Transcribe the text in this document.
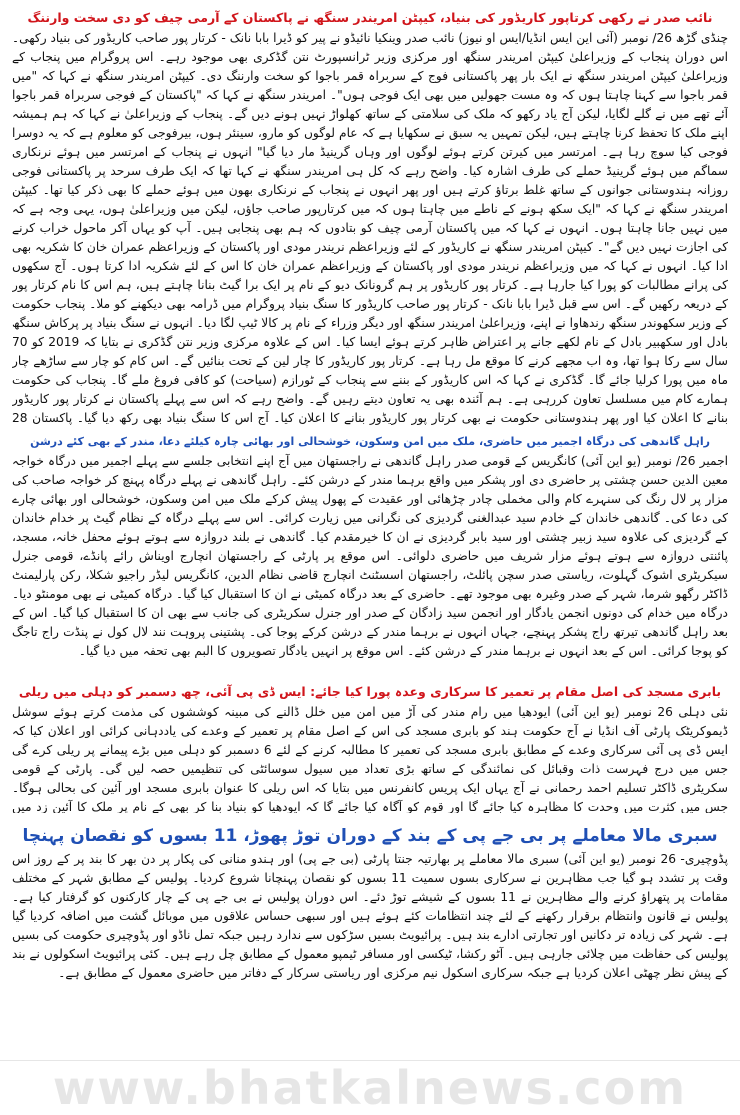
نائب صدر نے رکھی کرتاپور کاریڈور کی بنیاد، کیپٹن امریندر سنگھ نے پاکستان کے آرمی چیف کو دی سخت وارننگ

چنڈی گڑھ 26/ نومبر (آئی این ایس انڈیا/ایس او نیوز) نائب صدر وینکیا نائیڈو نے پیر کو ڈیرا بابا نانک - کرتار پور صاحب کاریڈور کی بنیاد رکھی۔ اس دوران پنجاب کے وزیراعلیٰ کیپٹن امریندر سنگھ اور مرکزی وزیر ٹرانسپورٹ نتن گڈکری بھی موجود رہے۔ اس پروگرام میں پنجاب کے وزیراعلیٰ کیپٹن امریندر سنگھ نے ایک بار پھر پاکستانی فوج کے سربراہ قمر باجوا کو سخت وارننگ دی۔ کیپٹن امریندر سنگھ نے کہا کہ "میں قمر باجوا سے کہنا چاہتا ہوں کہ وہ مست جھولیں میں بھی ایک فوجی ہوں"۔ امریندر سنگھ نے کہا کہ "پاکستان کے فوجی سربراہ قمر باجوا آئے تھے میں نے گلے لگایا، لیکن آج یاد رکھو کہ ملک کی سلامتی کے ساتھ کھلواڑ نہیں ہونے دیں گے۔ پنجاب کے وزیراعلیٰ نے کہا کہ ہم ہمیشہ اپنے ملک کا تحفظ کرنا چاہتے ہیں، لیکن تمہیں یہ سبق نے سکھایا ہے کہ عام لوگوں کو مارو، سینئر ہوں، بیرفوجی کو معلوم ہے کہ یہ دوسرا فوجی کیا سوچ رہا ہے۔ امرتسر میں کیرتن کرتے ہوئے لوگوں اور وہاں گرینیڈ مار دیا گیا" انہوں نے پنجاب کے امرتسر میں ہوئے نرنکاری سماگم میں ہوئے گرینیڈ حملے کی طرف اشارہ کیا۔ واضح رہے کہ کل ہی امریندر سنگھ نے کہا تھا کہ ایک طرف سرحد پر پاکستانی فوجی روزانہ ہندوستانی جوانوں کے ساتھ غلط برتاؤ کرتے ہیں اور پھر انہوں نے پنجاب کے نرنکاری بھون میں ہوئے حملے کا بھی ذکر کیا تھا۔ کیپٹن امریندر سنگھ نے کہا کہ "ایک سکھ ہونے کے ناطے میں چاہتا ہوں کہ میں کرتارپور صاحب جاؤں، لیکن میں وزیراعلیٰ ہوں، یہی وجہ ہے کہ میں نہیں جانا چاہتا ہوں۔ انہوں نے کہا کہ میں پاکستان آرمی چیف کو بتادوں کہ ہم بھی پنجابی ہیں۔ آپ کو یہاں آکر ماحول خراب کرنے کی اجازت نہیں دیں گے"۔ کیپٹن امریندر سنگھ نے کاریڈور کے لئے وزیراعظم نریندر مودی اور پاکستان کے وزیراعظم عمران خان کا شکریہ بھی ادا کیا۔ انہوں نے کہا کہ میں وزیراعظم نریندر مودی اور پاکستان کے وزیراعظم عمران خان کا اس کے لئے شکریہ ادا کرتا ہوں۔ آج سکھوں کی پرانے مطالبات کو پورا کیا جارہا ہے۔ کرتار پور کاریڈور پر ہم گرونانک دیو کے نام پر ایک برا گیٹ بنانا چاہتے ہیں، ہم اس کا نام کرتار پور کے دریعہ رکھیں گے۔ اس سے قبل ڈیرا بابا نانک - کرتار پور صاحب کاریڈور کا سنگ بنیاد پروگرام میں ڈرامہ بھی دیکھنے کو ملا۔ پنجاب حکومت کے وزیر سکھوندر سنگھ رندھاوا نے اپنے، وزیراعلیٰ امریندر سنگھ اور دیگر وزراء کے نام پر کالا ٹیپ لگا دیا۔ انہوں نے سنگ بنیاد پر پرکاش سنگھ بادل اور سکھبیر بادل کے نام لکھے جانے پر اعتراض ظاہر کرتے ہوئے ایسا کیا۔ اس کے علاوہ مرکزی وزیر نتن گڈکری نے بتایا کہ 2019 کو 70 سال سے رکا ہوا تھا، وہ اب مجھے کرنے کا موقع مل رہا ہے۔ کرتار پور کاریڈور کا چار لین کے تحت بنائیں گے۔ اس کام کو چار سے ساڑھے چار ماہ میں پورا کرلیا جائے گا۔ گڈکری نے کہا کہ اس کاریڈور کے بننے سے پنجاب کے ٹورازم (سیاحت) کو کافی فروغ ملے گا۔ پنجاب کی حکومت ہمارے کام میں مسلسل تعاون کررہی ہے۔ ہم آئندہ بھی یہ تعاون دیتے رہیں گے۔ واضح رہے کہ اس سے پہلے پاکستان نے کرتار پور کاریڈور بنانے کا اعلان کیا اور پھر ہندوستانی حکومت نے بھی کرتار پور کاریڈور بنانے کا اعلان کیا۔ آج اس کا سنگ بنیاد بھی رکھ دیا گیا۔ پاکستان 28

راہل گاندھی کی درگاہ اجمیر میں حاضری، ملک میں امن وسکون، خوشحالی اور بھائی چارہ کیلئے دعا، مندر کے بھی کئے درشن

اجمیر 26/ نومبر (یو این آئی) کانگریس کے قومی صدر راہل گاندھی نے راجستھان میں آج اپنے انتخابی جلسے سے پہلے اجمیر میں درگاہ خواجہ معین الدین حسن چشتی پر حاضری دی اور پشکر میں واقع برہما مندر کے درشن کئے۔ راہل گاندھی نے پہلے درگاہ پہنچ کر خواجہ صاحب کی مزار پر لال رنگ کی سنہرے کام والی مخملی چادر چڑھائی اور عقیدت کے پھول پیش کرکے ملک میں امن وسکون، خوشحالی اور بھائی چارے کی دعا کی۔ گاندھی خاندان کے خادم سید عبدالغنی گردیزی کی نگرانی میں زیارت کرائی۔ اس سے پہلے درگاہ کے نظام گیٹ پر خدام خاندان کے گردیزی کی علاوہ سید زبیر چشتی اور سید بابر گردیزی نے ان کا خیرمقدم کیا۔ گاندھی نے بلند دروازہ سے ہوتے ہوئے محفل خانہ، مسجد، پائنتی دروازہ سے ہوتے ہوئے مزار شریف میں حاضری دلوائی۔ اس موقع پر پارٹی کے راجستھان انچارج اویناش رائے پانڈے، قومی جنرل سیکریٹری اشوک گہلوت، ریاستی صدر سچن پائلٹ، راجستھان اسسٹنٹ انچارج قاضی نظام الدین، کانگریس لیڈر راجیو شکلا، رکن پارلیمنٹ ڈاکٹر رگھو شرما، شہر کے صدر وغیرہ بھی موجود تھے۔ حاضری کے بعد درگاہ کمیٹی نے ان کا استقبال کیا گیا۔ درگاہ کمیٹی نے بھی مومنٹو دیا۔ درگاہ میں خدام کی دونوں انجمن یادگار اور انجمن سید زادگان کے صدر اور جنرل سکریٹری کی جانب سے بھی ان کا استقبال کیا گیا۔ اس کے بعد راہل گاندھی تیرتھ راج پشکر پہنچے، جہاں انہوں نے برہما مندر کے درشن کرکے پوجا کی۔ پشتینی پروہت نند لال کول نے پنڈت راج تاجگ کو پوجا کرائی۔ اس کے بعد انہوں نے برہما مندر کے درشن کئے۔ اس موقع پر انہیں یادگار تصویروں کا البم بھی تحفہ میں دیا گیا۔

بابری مسجد کی اصل مقام پر تعمیر کا سرکاری وعدہ پورا کیا جائے: ایس ڈی پی آئی، چھ دسمبر کو دہلی میں ریلی

نئی دہلی 26 نومبر (یو این آئی) ایودھیا میں رام مندر کی آڑ میں امن میں خلل ڈالنے کی مبینہ کوششوں کی مذمت کرتے ہوئے سوشل ڈیموکریٹک پارٹی آف انڈیا نے آج حکومت ہند کو بابری مسجد کی اس کے اصل مقام پر تعمیر کے وعدے کی یاددہانی کرائی اور اعلان کیا کہ ایس ڈی پی آئی سرکاری وعدے کے مطابق بابری مسجد کی تعمیر کا مطالبہ کرنے کے لئے 6 دسمبر کو دہلی میں بڑے پیمانے پر ریلی کرے گی جس میں درج فہرست ذات وقبائل کی نمائندگی کے ساتھ بڑی تعداد میں سیول سوسائٹی کی تنظیمیں حصہ لیں گی۔ پارٹی کے قومی سکریٹری ڈاکٹر تسلیم احمد رحمانی نے آج یہاں ایک پریس کانفرنس میں بتایا کہ اس ریلی کا عنوان بابری مسجد اور آئین کی بحالی ہوگا۔ جس میں کثرت میں وحدت کا مظاہرہ کیا جائے گا اور قوم کو آگاہ کیا جائے گا کہ ایودھیا کو بنیاد بنا کر بھی کے نام پر ملک کا آئین زد میں

سبری مالا معاملے پر بی جے پی کے بند کے دوران توڑ پھوڑ، 11 بسوں کو نقصان پہنچا

پڈوچیری- 26 نومبر (یو این آئی) سبری مالا معاملے پر بھارتیہ جنتا پارٹی (بی جے پی) اور ہندو منانی کی پکار پر دن بھر کا بند پر کے روز اس وقت پر تشدد ہو گیا جب مظاہرین نے سرکاری بسوں سمیت 11 بسوں کو نقصان پہنچانا شروع کردیا۔ پولیس کے مطابق شہر کے مختلف مقامات پر پتھراؤ کرنے والے مظاہرین نے 11 بسوں کے شیشے توڑ دئے۔ اس دوران پولیس نے بی جے پی کے چار کارکنوں کو گرفتار کیا ہے۔ پولیس نے قانون وانتظام برقرار رکھنے کے لئے چند انتظامات کئے ہوئے ہیں اور سبھی حساس علاقوں میں موبائل گشت میں اضافہ کردیا گیا ہے۔ شہر کی زیادہ تر دکانیں اور تجارتی ادارے بند ہیں۔ پرائیویٹ بسیں سڑکوں سے ندارد رہیں جبکہ تمل ناڈو اور پڈوچیری حکومت کی بسیں پولیس کی حفاظت میں چلائی جارہی ہیں۔ آٹو رکشا، ٹیکسی اور مسافر ٹیمپو معمول کے مطابق چل رہے ہیں۔ کئی پرائیویٹ اسکولوں نے بند کے پیش نظر چھٹی اعلان کردیا ہے جبکہ سرکاری اسکول نیم مرکزی اور ریاستی سرکار کے دفاتر میں حاضری معمول کے مطابق ہے۔

www.bhatkalnews.com
